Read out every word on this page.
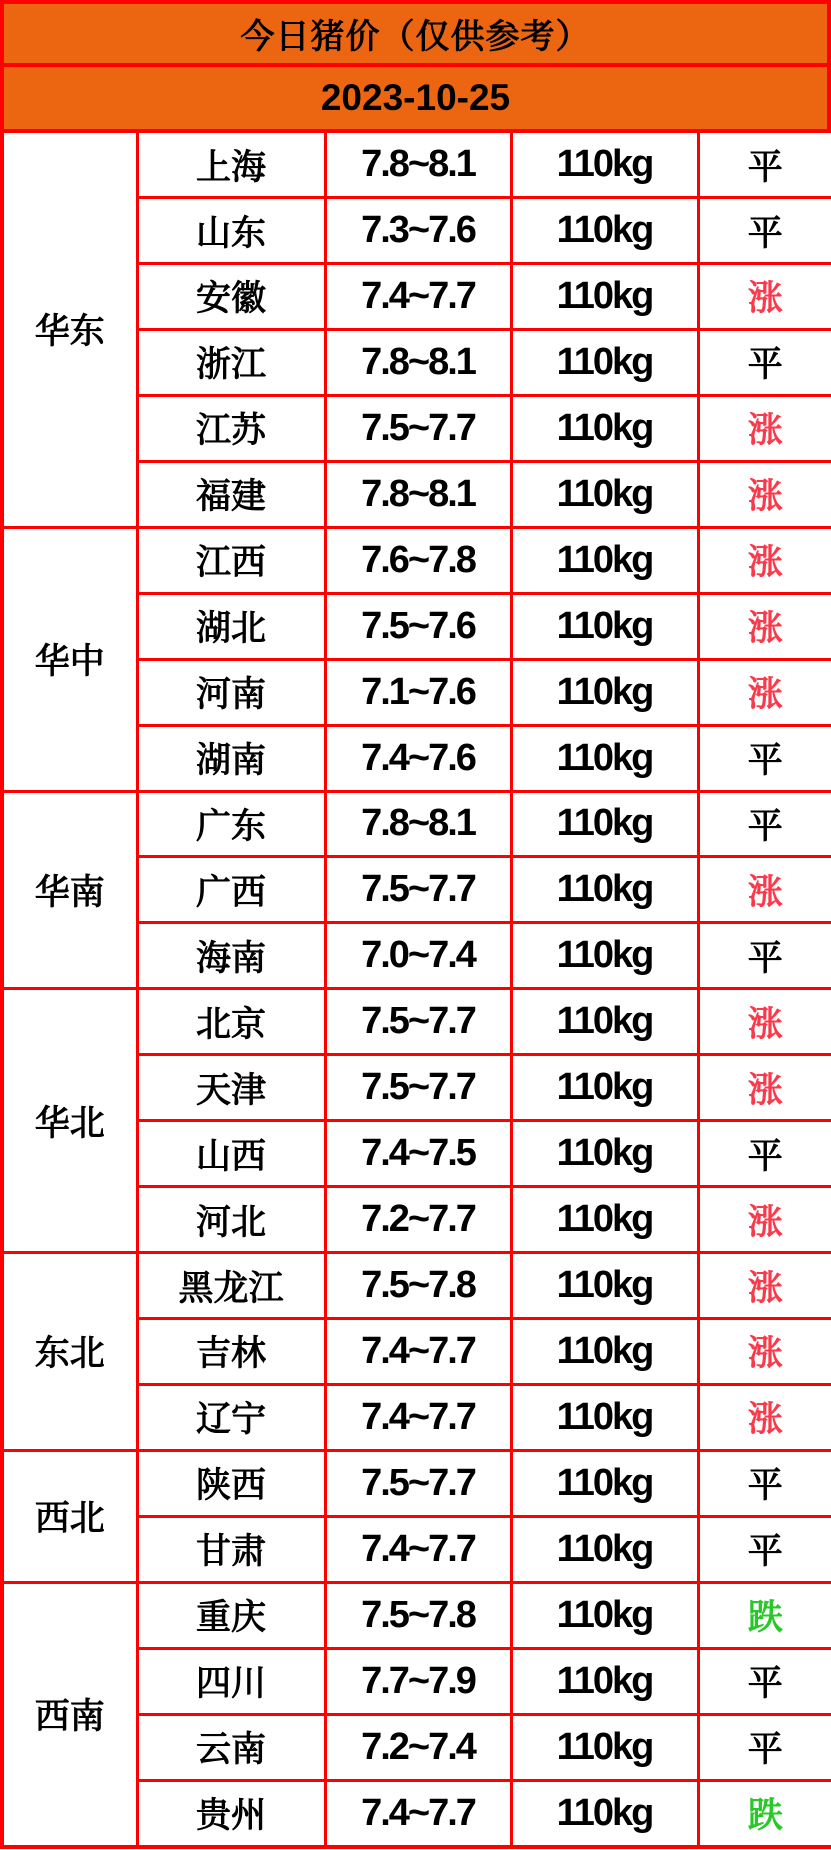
今日猪价（仅供参考）
2023-10-25
华东	上海	7.8~8.1	110kg	平
	山东	7.3~7.6	110kg	平
	安徽	7.4~7.7	110kg	涨
	浙江	7.8~8.1	110kg	平
	江苏	7.5~7.7	110kg	涨
	福建	7.8~8.1	110kg	涨
华中	江西	7.6~7.8	110kg	涨
	湖北	7.5~7.6	110kg	涨
	河南	7.1~7.6	110kg	涨
	湖南	7.4~7.6	110kg	平
华南	广东	7.8~8.1	110kg	平
	广西	7.5~7.7	110kg	涨
	海南	7.0~7.4	110kg	平
华北	北京	7.5~7.7	110kg	涨
	天津	7.5~7.7	110kg	涨
	山西	7.4~7.5	110kg	平
	河北	7.2~7.7	110kg	涨
东北	黑龙江	7.5~7.8	110kg	涨
	吉林	7.4~7.7	110kg	涨
	辽宁	7.4~7.7	110kg	涨
西北	陕西	7.5~7.7	110kg	平
	甘肃	7.4~7.7	110kg	平
西南	重庆	7.5~7.8	110kg	跌
	四川	7.7~7.9	110kg	平
	云南	7.2~7.4	110kg	平
	贵州	7.4~7.7	110kg	跌
